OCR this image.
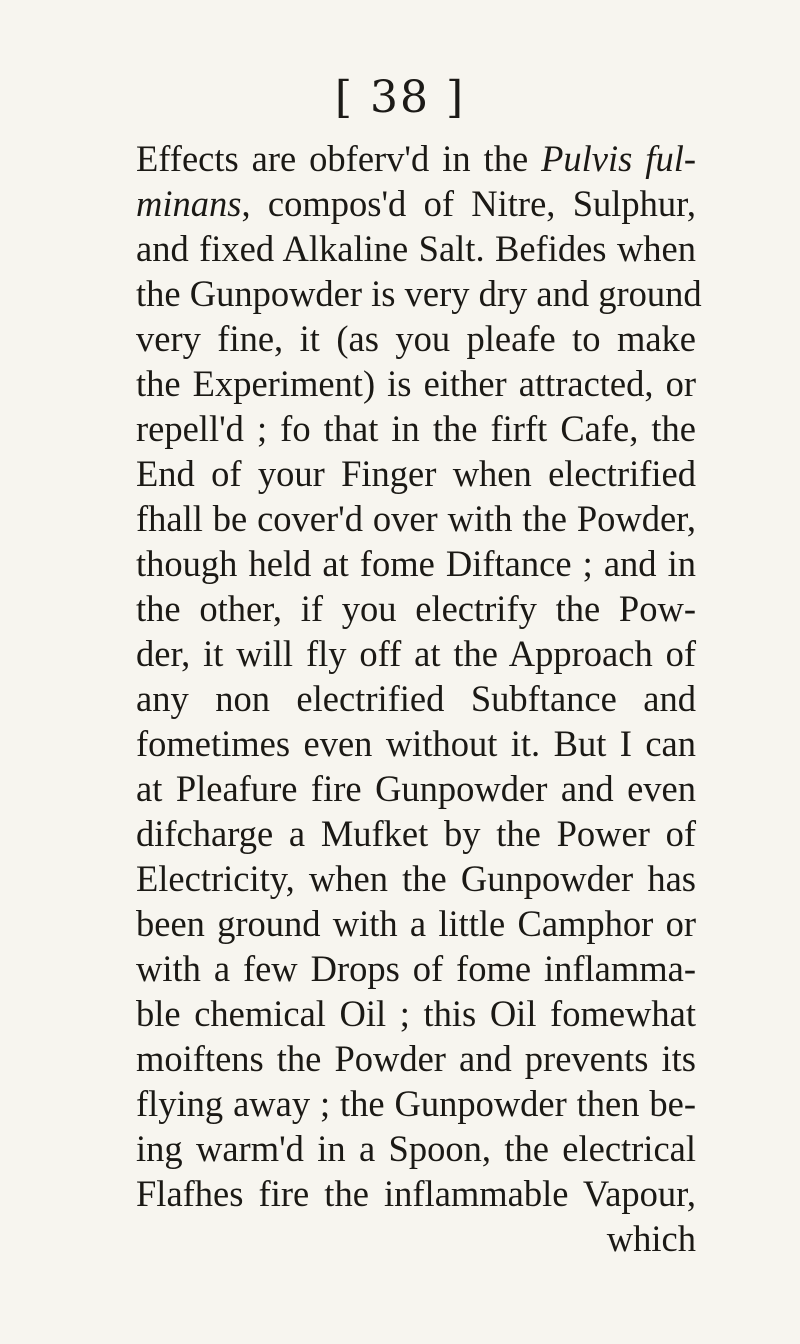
[ 38 ]
Effects are obferv'd in the Pulvis ful-
minans, compos'd of Nitre, Sulphur,
and fixed Alkaline Salt. Befides when
the Gunpowder is very dry and ground
very fine, it (as you pleafe to make
the Experiment) is either attracted, or
repell'd ; fo that in the firft Cafe, the
End of your Finger when electrified
fhall be cover'd over with the Powder,
though held at fome Diftance ; and in
the other, if you electrify the Pow-
der, it will fly off at the Approach of
any non electrified Subftance and
fometimes even without it. But I can
at Pleafure fire Gunpowder and even
difcharge a Mufket by the Power of
Electricity, when the Gunpowder has
been ground with a little Camphor or
with a few Drops of fome inflamma-
ble chemical Oil ; this Oil fomewhat
moiftens the Powder and prevents its
flying away ; the Gunpowder then be-
ing warm'd in a Spoon, the electrical
Flafhes fire the inflammable Vapour,
which
